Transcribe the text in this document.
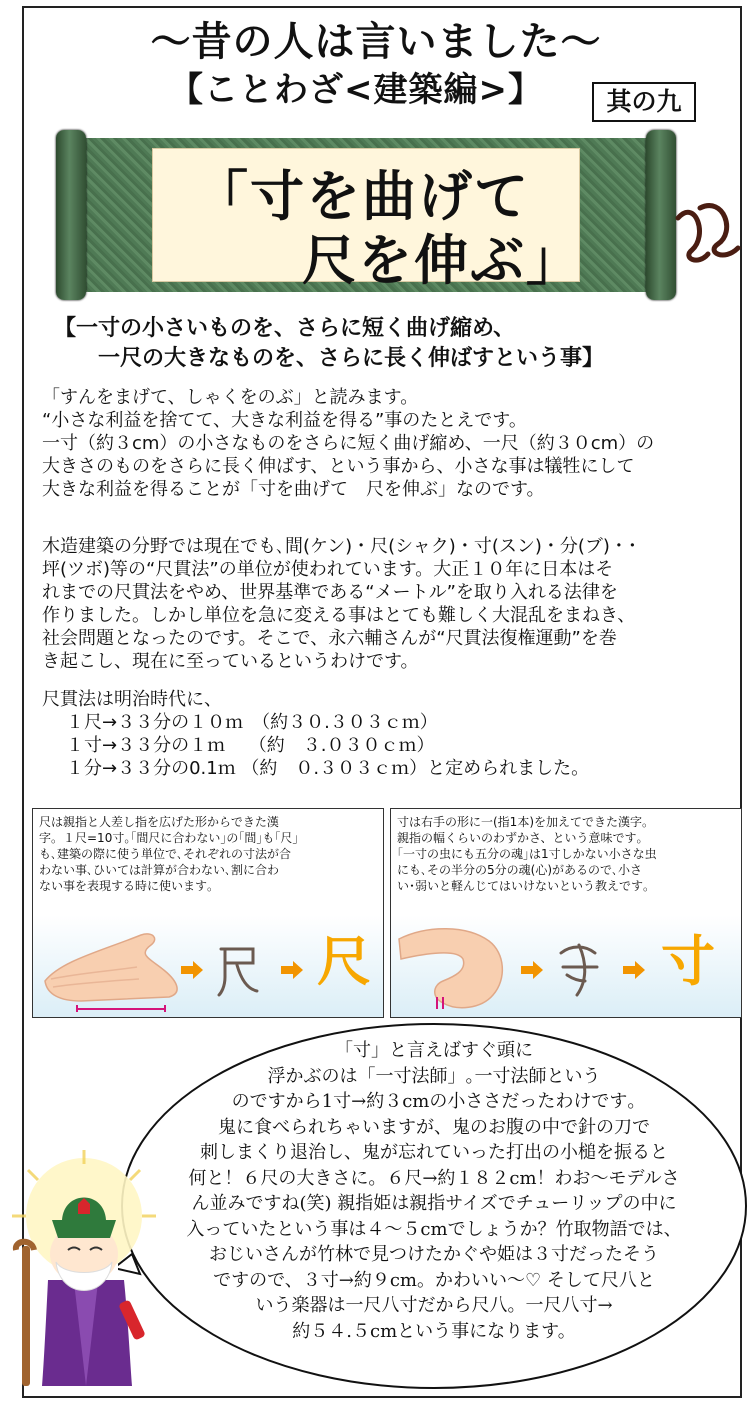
～昔の人は言いました～
【ことわざ<建築編>】	其の九
「寸を曲げて
尺を伸ぶ」
【一寸の小さいものを、さらに短く曲げ縮め、
一尺の大きなものを、さらに長く伸ばすという事】
「すんをまげて、しゃくをのぶ」と読みます。
“小さな利益を捨てて、大きな利益を得る”事のたとえです。
一寸（約３cm）の小さなものをさらに短く曲げ縮め、一尺（約３０cm）の
大きさのものをさらに長く伸ばす、という事から、小さな事は犠牲にして
大きな利益を得ることが「寸を曲げて　尺を伸ぶ」なのです。
木造建築の分野では現在でも､間(ケン)・尺(シャク)・寸(スン)・分(ブ)・･
坪(ツボ)等の“尺貫法”の単位が使われています。大正１０年に日本はそ
れまでの尺貫法をやめ、世界基準である“メートル”を取り入れる法律を
作りました。しかし単位を急に変える事はとても難しく大混乱をまねき、
社会問題となったのです。そこで、永六輔さんが“尺貫法復権運動”を巻
き起こし、現在に至っているというわけです。
尺貫法は明治時代に、
１尺→３３分の１０ｍ　（約３０.３０３ｃｍ）
１寸→３３分の１ｍ　 （約　３.０３０ｃｍ）
１分→３３分の0.1ｍ （約　０.３０３ｃｍ）と定められました。
尺は親指と人差し指を広げた形からできた漢
字。１尺=10寸｡｢間尺に合わない｣の｢間｣も｢尺｣
も､建築の際に使う単位で､それぞれの寸法が合
わない事､ひいては計算が合わない､割に合わ
ない事を表現する時に使います｡
尺
寸は右手の形に一(指1本)を加えてできた漢字｡
親指の幅くらいのわずかさ、という意味です｡
｢一寸の虫にも五分の魂｣は1寸しかない小さな虫
にも､その半分の5分の魂(心)があるので､小さ
い･弱いと軽んじてはいけないという教えです｡
寸
「寸」と言えばすぐ頭に
浮かぶのは「一寸法師」｡一寸法師という
のですから1寸→約３cmの小ささだったわけです｡
鬼に食べられちゃいますが、鬼のお腹の中で針の刀で
刺しまくり退治し、鬼が忘れていった打出の小槌を振ると
何と！６尺の大きさに。６尺→約１８２cm！わお～モデルさ
ん並みですね(笑) 親指姫は親指サイズでチューリップの中に
入っていたという事は４～５cmでしょうか？竹取物語では、
おじいさんが竹林で見つけたかぐや姫は３寸だったそう
ですので、３寸→約９cm。かわいい～♡ そして尺八と
いう楽器は一尺八寸だから尺八。一尺八寸→
約５４.５cmという事になります。
